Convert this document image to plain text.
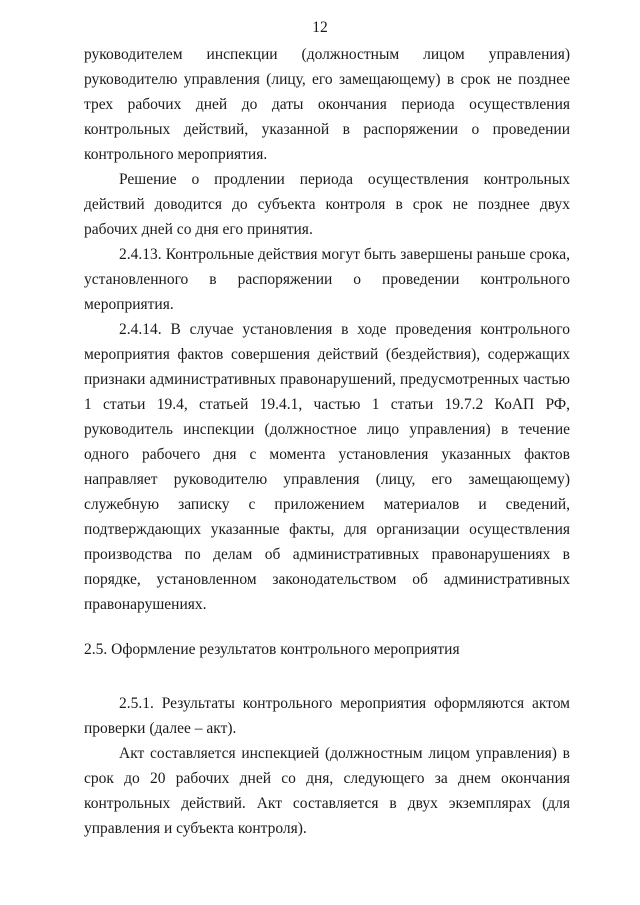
12

руководителем инспекции (должностным лицом управления) руководителю управления (лицу, его замещающему) в срок не позднее трех рабочих дней до даты окончания периода осуществления контрольных действий, указанной в распоряжении о проведении контрольного мероприятия.

Решение о продлении периода осуществления контрольных действий доводится до субъекта контроля в срок не позднее двух рабочих дней со дня его принятия.

2.4.13. Контрольные действия могут быть завершены раньше срока, установленного в распоряжении о проведении контрольного мероприятия.

2.4.14. В случае установления в ходе проведения контрольного мероприятия фактов совершения действий (бездействия), содержащих признаки административных правонарушений, предусмотренных частью 1 статьи 19.4, статьей 19.4.1, частью 1 статьи 19.7.2 КоАП РФ, руководитель инспекции (должностное лицо управления) в течение одного рабочего дня с момента установления указанных фактов направляет руководителю управления (лицу, его замещающему) служебную записку с приложением материалов и сведений, подтверждающих указанные факты, для организации осуществления производства по делам об административных правонарушениях в порядке, установленном законодательством об административных правонарушениях.

2.5. Оформление результатов контрольного мероприятия

2.5.1. Результаты контрольного мероприятия оформляются актом проверки (далее – акт).

Акт составляется инспекцией (должностным лицом управления) в срок до 20 рабочих дней со дня, следующего за днем окончания контрольных действий. Акт составляется в двух экземплярах (для управления и субъекта контроля).
